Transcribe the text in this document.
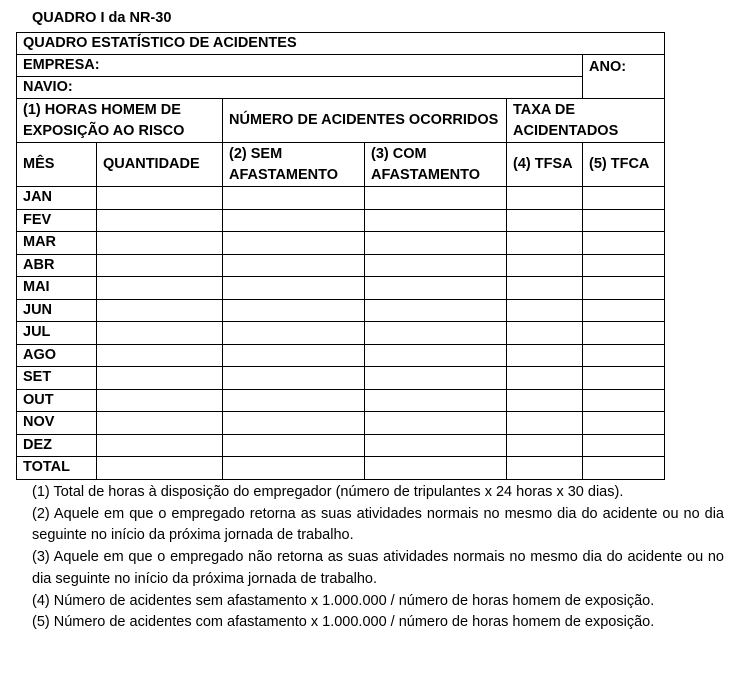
QUADRO I da NR-30
QUADRO ESTATÍSTICO DE ACIDENTES					
EMPRESA:					ANO:
NAVIO:					
(1) HORAS HOMEM DE EXPOSIÇÃO AO RISCO		NÚMERO DE ACIDENTES OCORRIDOS		TAXA DE ACIDENTADOS	
MÊS	QUANTIDADE	(2) SEM AFASTAMENTO	(3) COM AFASTAMENTO	(4) TFSA	(5) TFCA
JAN					
FEV					
MAR					
ABR					
MAI					
JUN					
JUL					
AGO					
SET					
OUT					
NOV					
DEZ					
TOTAL					

(1) Total de horas à disposição do empregador (número de tripulantes x 24 horas x 30 dias).

(2) Aquele em que o empregado retorna as suas atividades normais no mesmo dia do acidente ou no dia seguinte no início da próxima jornada de trabalho.

(3) Aquele em que o empregado não retorna as suas atividades normais no mesmo dia do acidente ou no dia seguinte no início da próxima jornada de trabalho.

(4) Número de acidentes sem afastamento x 1.000.000 / número de horas homem de exposição.

(5) Número de acidentes com afastamento x 1.000.000 / número de horas homem de exposição.
